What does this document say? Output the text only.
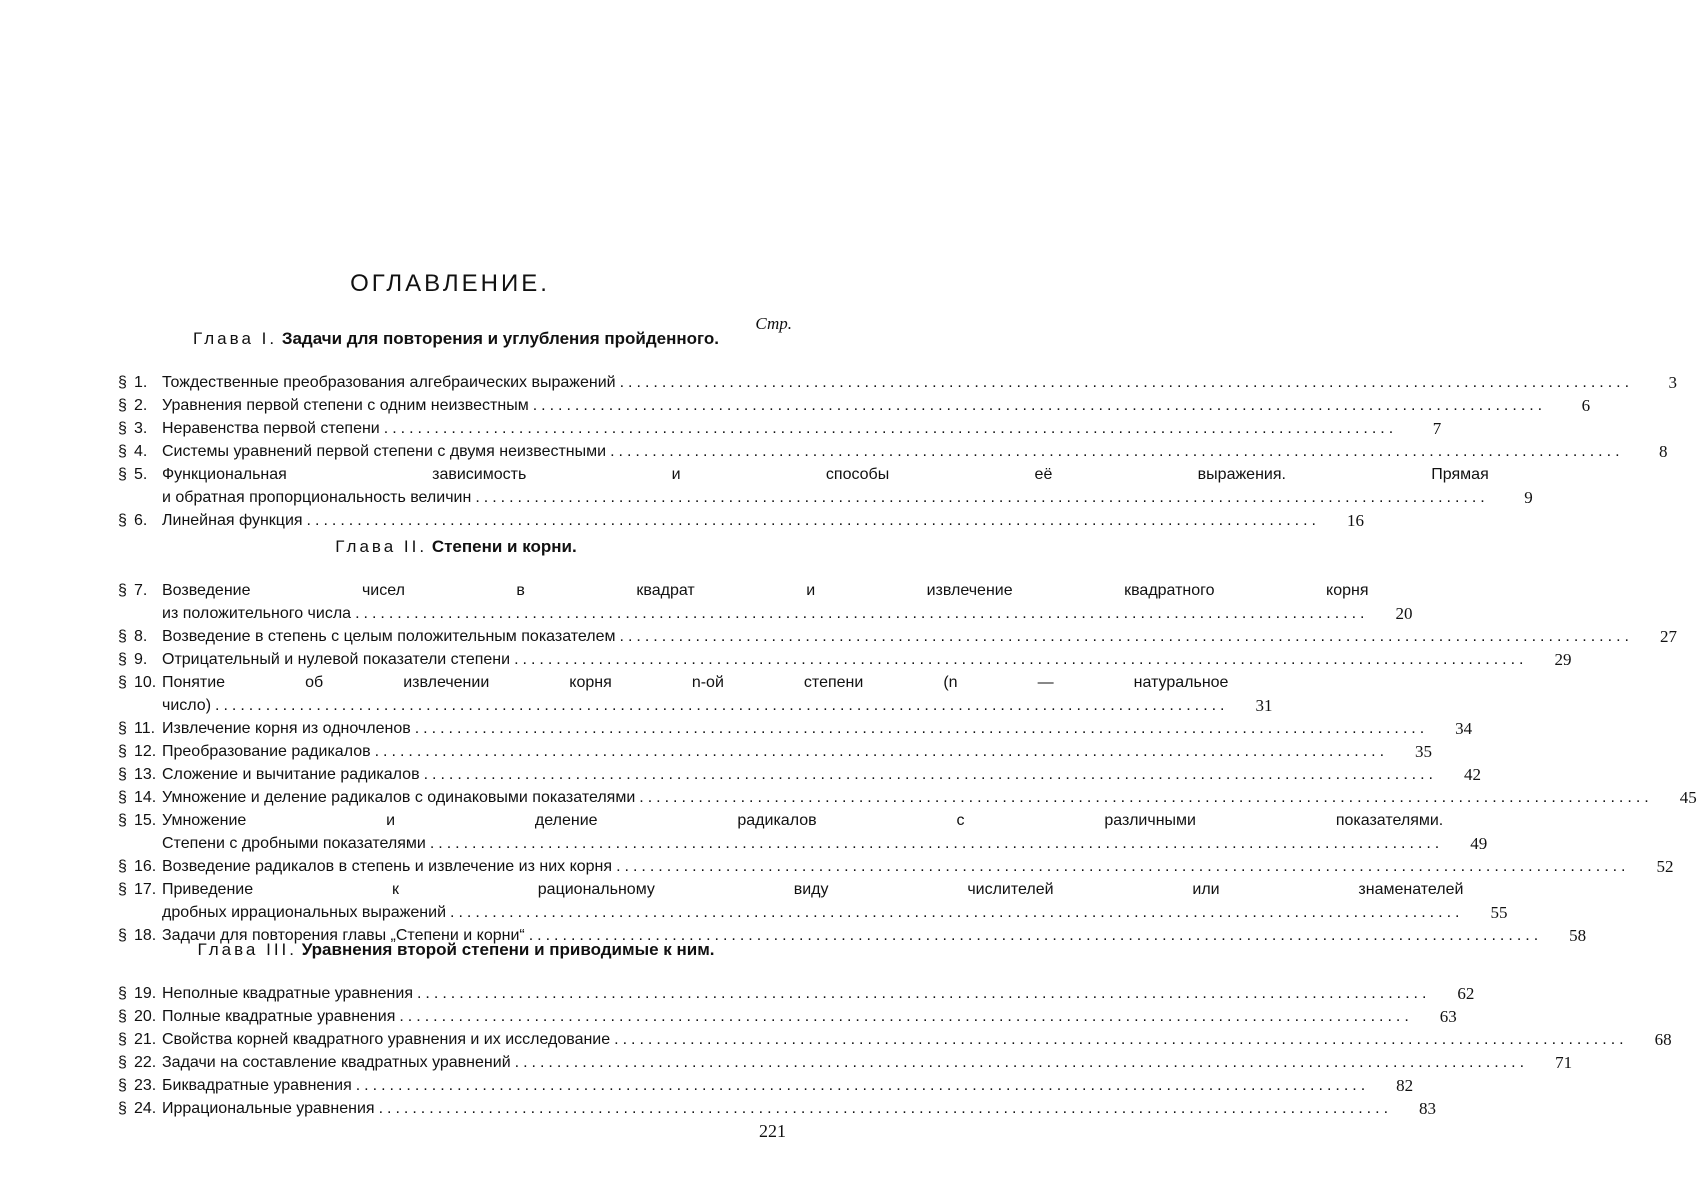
ОГЛАВЛЕНИЕ.
Стр.
Глава I. Задачи для повторения и углубления пройденного.
§ 1. Тождественные преобразования алгебраических выражений ........................................................................................................................	3
§ 2. Уравнения первой степени с одним неизвестным ........................................................................................................................	6
§ 3. Неравенства первой степени ........................................................................................................................	7
§ 4. Системы уравнений первой степени с двумя неизвестными ........................................................................................................................	8
§ 5. Функциональная зависимость и способы её выражения. Прямая
и обратная пропорциональность величин ........................................................................................................................	9
§ 6. Линейная функция ........................................................................................................................	16
Глава II. Степени и корни.
§ 7. Возведение чисел в квадрат и извлечение квадратного корня
из положительного числа ........................................................................................................................	20
§ 8. Возведение в степень с целым положительным показателем ........................................................................................................................	27
§ 9. Отрицательный и нулевой показатели степени ........................................................................................................................	29
§ 10. Понятие об извлечении корня n-ой степени (n — натуральное
число) ........................................................................................................................	31
§ 11. Извлечение корня из одночленов ........................................................................................................................	34
§ 12. Преобразование радикалов ........................................................................................................................	35
§ 13. Сложение и вычитание радикалов ........................................................................................................................	42
§ 14. Умножение и деление радикалов с одинаковыми показателями ........................................................................................................................	45
§ 15. Умножение и деление радикалов с различными показателями.
Степени с дробными показателями ........................................................................................................................	49
§ 16. Возведение радикалов в степень и извлечение из них корня ........................................................................................................................	52
§ 17. Приведение к рациональному виду числителей или знаменателей
дробных иррациональных выражений ........................................................................................................................	55
§ 18. Задачи для повторения главы „Степени и корни“ ........................................................................................................................	58
Глава III. Уравнения второй степени и приводимые к ним.
§ 19. Неполные квадратные уравнения ........................................................................................................................	62
§ 20. Полные квадратные уравнения ........................................................................................................................	63
§ 21. Свойства корней квадратного уравнения и их исследование ........................................................................................................................	68
§ 22. Задачи на составление квадратных уравнений ........................................................................................................................	71
§ 23. Биквадратные уравнения ........................................................................................................................	82
§ 24. Иррациональные уравнения ........................................................................................................................	83
221
